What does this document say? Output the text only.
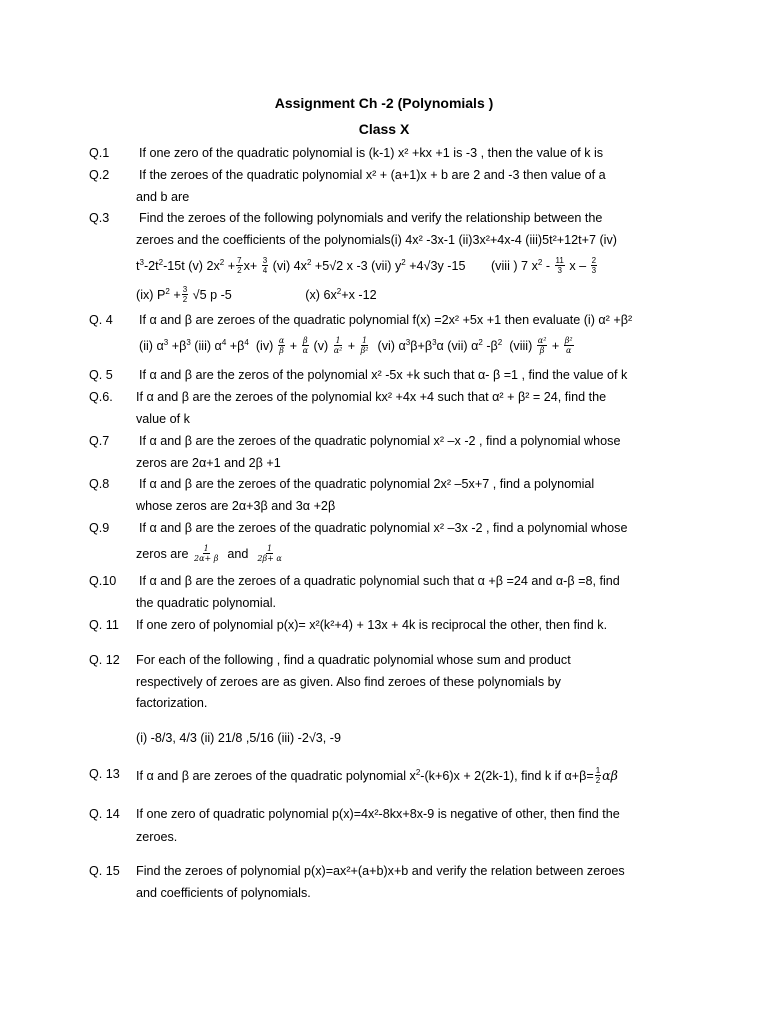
Assignment Ch -2 (Polynomials )
Class X
Q.1 If one zero of the quadratic polynomial is (k-1) x² +kx +1 is -3 , then the value of k is
Q.2 If the zeroes of the quadratic polynomial x² + (a+1)x + b are 2 and -3 then value of a
and b are
Q.3 Find the zeroes of the following polynomials and verify the relationship between the
zeroes and the coefficients of the polynomials(i) 4x² -3x-1 (ii)3x²+4x-4 (iii)5t²+12t+7 (iv)
$t^3-2t^2-15t$ (v) $2x^2 + \frac{7}{2} x+ \frac{3}{4} (vi)$ $4x^2 +5√2$ x -3 (vii) $y^2 +4√3y$ -15 (viii ) 7 $x^2 - \frac{11}{3}$ x – $\frac{2}{3}$
(ix) $P^2 + \frac{3}{2} √5$ p -5	(x) $6x^2+x$ -12
Q. 4 If α and β are zeroes of the quadratic polynomial f(x) =2x² +5x +1 then evaluate (i) α² +β²
(ii) $\alpha^3 +\beta^3$ (iii) $\alpha^4 +\beta^4$  $(iv) \frac{\alpha}{\beta} + \frac{\beta}{\alpha} (v) \frac{1}{\text{α²}} + \frac{1}{\text{β²}} (vi)$ $\alpha^3\beta+\beta^3\alpha$ (vii) $\alpha^2$ $-\beta^2$  (viii) $\frac{\text{α²}}{\beta} + \frac{\text{β²}}{\alpha}$
Q. 5 If α and β are the zeros of the polynomial x² -5x +k such that α- β =1 , find the value of k
Q.6. If α and β are the zeroes of the polynomial kx² +4x +4 such that α² + β² = 24, find the
value of k
Q.7 If α and β are the zeroes of the quadratic polynomial x² –x -2 , find a polynomial whose
zeros are 2α+1 and 2β +1
Q.8 If α and β are the zeroes of the quadratic polynomial 2x² –5x+7 , find a polynomial
whose zeros are 2α+3β and 3α +2β
Q.9 If α and β are the zeroes of the quadratic polynomial x² –3x -2 , find a polynomial whose
zeros are $\frac{1}{2\alpha+ \beta}$ and $\frac{1}{2\beta+ \alpha}$
Q.10 If α and β are the zeroes of a quadratic polynomial such that α +β =24 and α-β =8, find
the quadratic polynomial.
Q. 11 If one zero of polynomial p(x)= x²(k²+4) + 13x + 4k is reciprocal the other, then find k.
Q. 12 For each of the following , find a quadratic polynomial whose sum and product
respectively of zeroes are as given. Also find zeroes of these polynomials by
factorization.
(i) -8/3, 4/3 (ii) 21/8 ,5/16 (iii) -2√3, -9
Q. 13 If α and β are zeroes of the quadratic polynomial $x^2-(k+6)x + 2(2k-1)$, find k if $\alpha+\beta= \frac{1}{2}$ αβ
Q. 14 If one zero of quadratic polynomial p(x)=4x²-8kx+8x-9 is negative of other, then find the
zeroes.
Q. 15 Find the zeroes of polynomial p(x)=ax²+(a+b)x+b and verify the relation between zeroes
and coefficients of polynomials.
